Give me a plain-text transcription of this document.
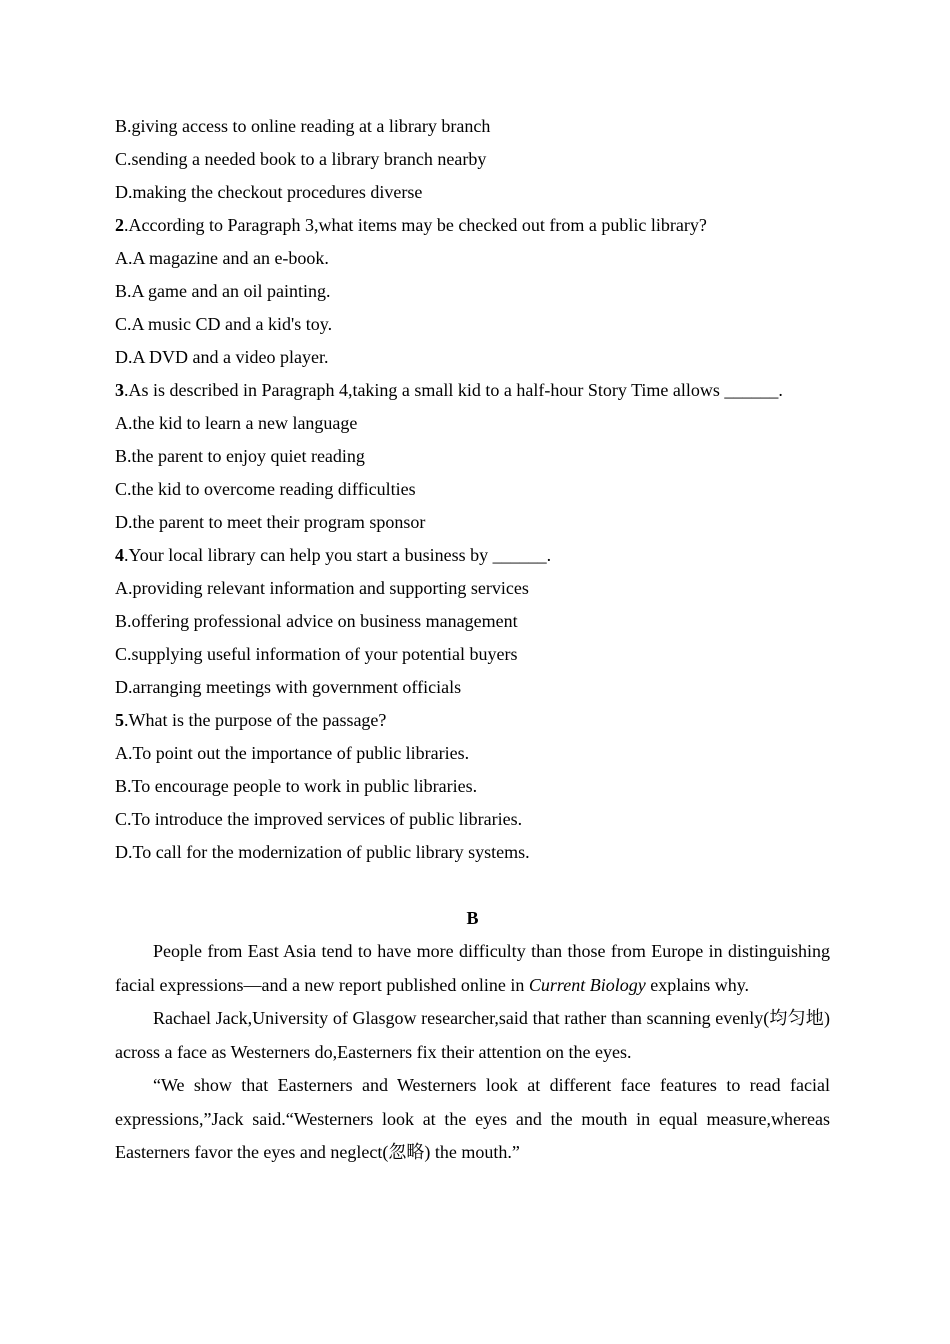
B.giving access to online reading at a library branch
C.sending a needed book to a library branch nearby
D.making the checkout procedures diverse
2.According to Paragraph 3,what items may be checked out from a public library?
A.A magazine and an e-book.
B.A game and an oil painting.
C.A music CD and a kid's toy.
D.A DVD and a video player.
3.As is described in Paragraph 4,taking a small kid to a half-hour Story Time allows ______.
A.the kid to learn a new language
B.the parent to enjoy quiet reading
C.the kid to overcome reading difficulties
D.the parent to meet their program sponsor
4.Your local library can help you start a business by ______.
A.providing relevant information and supporting services
B.offering professional advice on business management
C.supplying useful information of your potential buyers
D.arranging meetings with government officials
5.What is the purpose of the passage?
A.To point out the importance of public libraries.
B.To encourage people to work in public libraries.
C.To introduce the improved services of public libraries.
D.To call for the modernization of public library systems.
B

People from East Asia tend to have more difficulty than those from Europe in distinguishing facial expressions—and a new report published online in Current Biology explains why.

Rachael Jack,University of Glasgow researcher,said that rather than scanning evenly(均匀地) across a face as Westerners do,Easterners fix their attention on the eyes.

“We show that Easterners and Westerners look at different face features to read facial expressions,”Jack said.“Westerners look at the eyes and the mouth in equal measure,whereas Easterners favor the eyes and neglect(忽略) the mouth.”
